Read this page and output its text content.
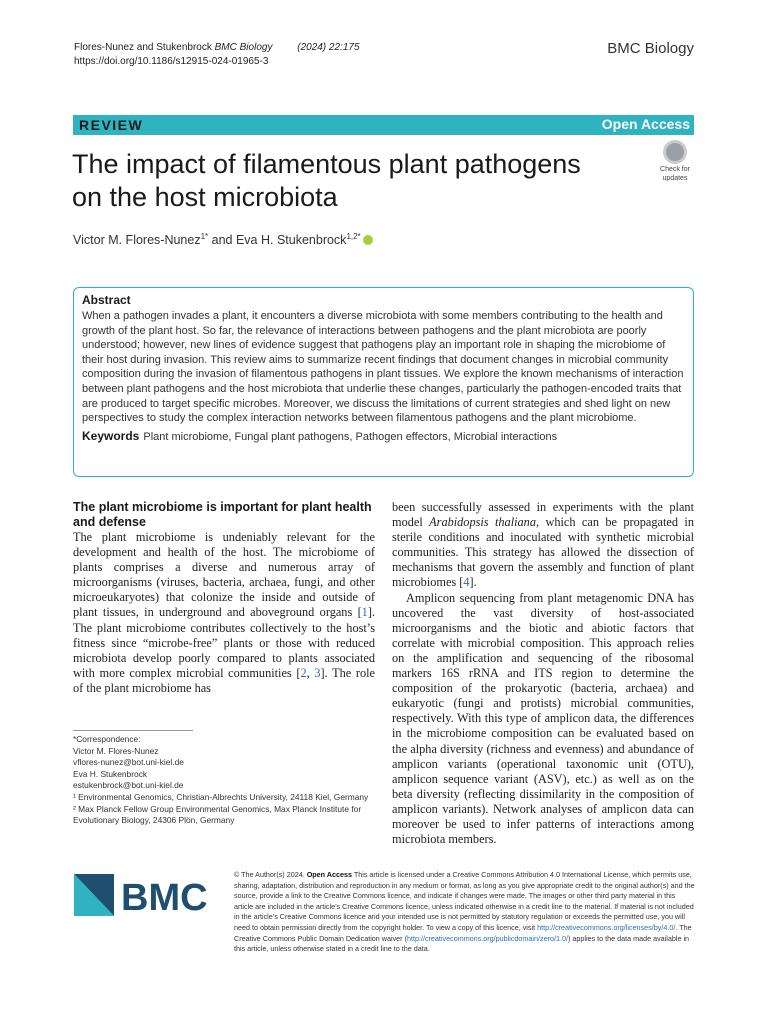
Flores-Nunez and Stukenbrock BMC Biology (2024) 22:175
https://doi.org/10.1186/s12915-024-01965-3
BMC Biology
REVIEW	Open Access
The impact of filamentous plant pathogens
on the host microbiota
Check for
updates
Victor M. Flores-Nunez$^{1*}$ and Eva H. Stukenbrock$^{1,2*}$
Abstract

When a pathogen invades a plant, it encounters a diverse microbiota with some members contributing to the health and growth of the plant host. So far, the relevance of interactions between pathogens and the plant microbiota are poorly understood; however, new lines of evidence suggest that pathogens play an important role in shaping the microbiome of their host during invasion. This review aims to summarize recent findings that document changes in microbial community composition during the invasion of filamentous pathogens in plant tissues. We explore the known mechanisms of interaction between plant pathogens and the host microbiota that underlie these changes, particularly the pathogen-encoded traits that are produced to target specific microbes. Moreover, we discuss the limitations of current strategies and shed light on new perspectives to study the complex interaction networks between filamentous pathogens and the plant microbiome.

Keywords Plant microbiome, Fungal plant pathogens, Pathogen effectors, Microbial interactions
The plant microbiome is important for plant health and defense

The plant microbiome is undeniably relevant for the development and health of the host. The microbiome of plants comprises a diverse and numerous array of microorganisms (viruses, bacteria, archaea, fungi, and other microeukaryotes) that colonize the inside and outside of plant tissues, in underground and aboveground organs [1]. The plant microbiome contributes collectively to the host’s fitness since “microbe-free” plants or those with reduced microbiota develop poorly compared to plants associated with more complex microbial communities [2, 3]. The role of the plant microbiome has

been successfully assessed in experiments with the plant model Arabidopsis thaliana, which can be propagated in sterile conditions and inoculated with synthetic microbial communities. This strategy has allowed the dissection of mechanisms that govern the assembly and function of plant microbiomes [4].

Amplicon sequencing from plant metagenomic DNA has uncovered the vast diversity of host-associated microorganisms and the biotic and abiotic factors that correlate with microbial composition. This approach relies on the amplification and sequencing of the ribosomal markers 16S rRNA and ITS region to determine the composition of the prokaryotic (bacteria, archaea) and eukaryotic (fungi and protists) microbial communities, respectively. With this type of amplicon data, the differences in the microbiome composition can be evaluated based on the alpha diversity (richness and evenness) and abundance of amplicon variants (operational taxonomic unit (OTU), amplicon sequence variant (ASV), etc.) as well as on the beta diversity (reflecting dissimilarity in the composition of amplicon variants). Network analyses of amplicon data can moreover be used to infer patterns of interactions among microbiota members.

*Correspondence:
Victor M. Flores-Nunez
vflores-nunez@bot.uni-kiel.de
Eva H. Stukenbrock
estukenbrock@bot.uni-kiel.de
¹ Environmental Genomics, Christian-Albrechts University, 24118 Kiel, Germany
² Max Planck Fellow Group Environmental Genomics, Max Planck Institute for Evolutionary Biology, 24306 Plön, Germany
BMC
© The Author(s) 2024. Open Access This article is licensed under a Creative Commons Attribution 4.0 International License, which permits use, sharing, adaptation, distribution and reproduction in any medium or format, as long as you give appropriate credit to the original author(s) and the source, provide a link to the Creative Commons licence, and indicate if changes were made. The images or other third party material in this article are included in the article’s Creative Commons licence, unless indicated otherwise in a credit line to the material. If material is not included in the article’s Creative Commons licence and your intended use is not permitted by statutory regulation or exceeds the permitted use, you will need to obtain permission directly from the copyright holder. To view a copy of this licence, visit http://creativecommons.org/licenses/by/4.0/. The Creative Commons Public Domain Dedication waiver (http://creativecommons.org/publicdomain/zero/1.0/) applies to the data made available in this article, unless otherwise stated in a credit line to the data.
